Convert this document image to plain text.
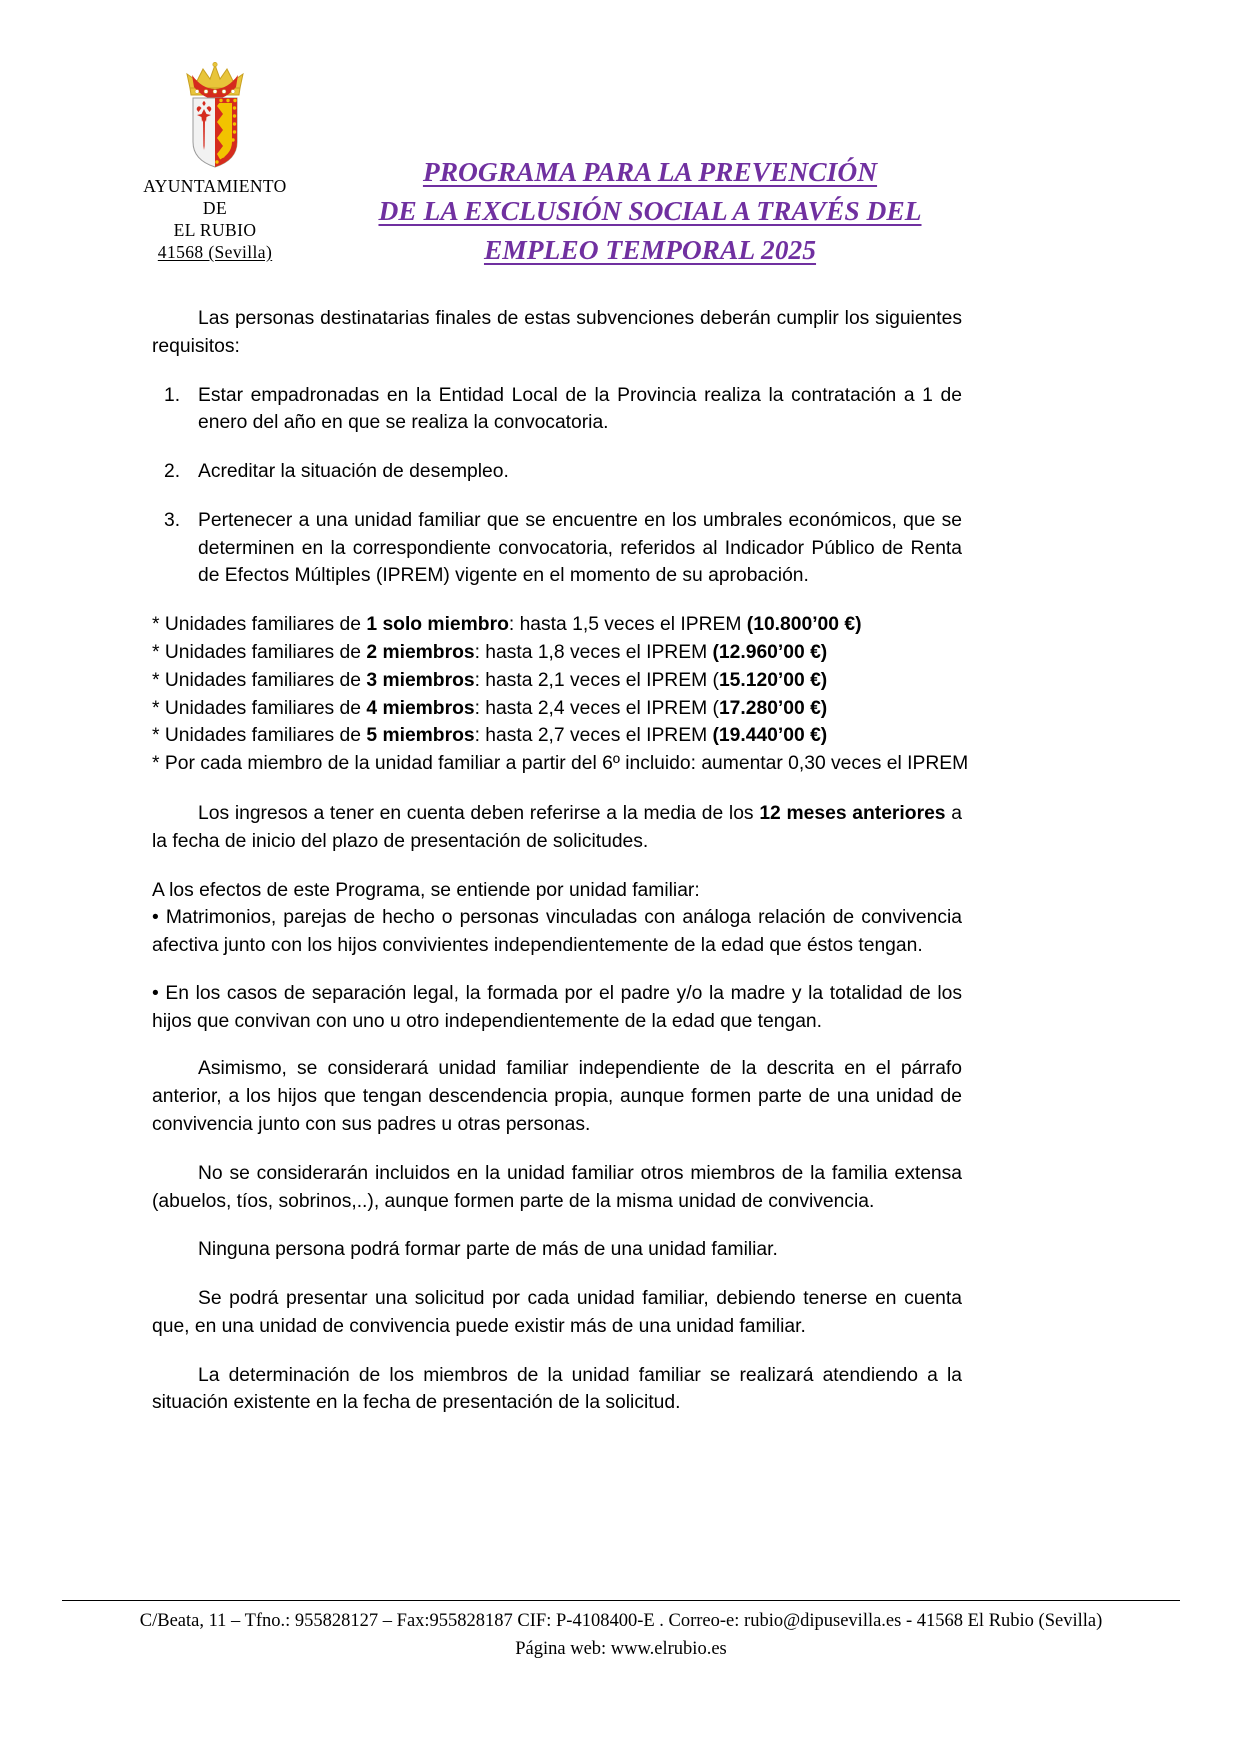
AYUNTAMIENTO
DE
EL RUBIO
41568 (Sevilla)
PROGRAMA PARA LA PREVENCIÓN
DE LA EXCLUSIÓN SOCIAL A TRAVÉS DEL
EMPLEO TEMPORAL 2025

Las personas destinatarias finales de estas subvenciones deberán cumplir los siguientes requisitos:

1. Estar empadronadas en la Entidad Local de la Provincia realiza la contratación a 1 de enero del año en que se realiza la convocatoria.
2. Acreditar la situación de desempleo.
3. Pertenecer a una unidad familiar que se encuentre en los umbrales económicos, que se determinen en la correspondiente convocatoria, referidos al Indicador Público de Renta de Efectos Múltiples (IPREM) vigente en el momento de su aprobación.

* Unidades familiares de 1 solo miembro: hasta 1,5 veces el IPREM (10.800’00 €)

* Unidades familiares de 2 miembros: hasta 1,8 veces el IPREM (12.960’00 €)

* Unidades familiares de 3 miembros: hasta 2,1 veces el IPREM (15.120’00 €)

* Unidades familiares de 4 miembros: hasta 2,4 veces el IPREM (17.280’00 €)

* Unidades familiares de 5 miembros: hasta 2,7 veces el IPREM (19.440’00 €)

* Por cada miembro de la unidad familiar a partir del 6º incluido: aumentar 0,30 veces el IPREM

Los ingresos a tener en cuenta deben referirse a la media de los 12 meses anteriores a la fecha de inicio del plazo de presentación de solicitudes.

A los efectos de este Programa, se entiende por unidad familiar:

• Matrimonios, parejas de hecho o personas vinculadas con análoga relación de convivencia afectiva junto con los hijos convivientes independientemente de la edad que éstos tengan.

• En los casos de separación legal, la formada por el padre y/o la madre y la totalidad de los hijos que convivan con uno u otro independientemente de la edad que tengan.

Asimismo, se considerará unidad familiar independiente de la descrita en el párrafo anterior, a los hijos que tengan descendencia propia, aunque formen parte de una unidad de convivencia junto con sus padres u otras personas.

No se considerarán incluidos en la unidad familiar otros miembros de la familia extensa (abuelos, tíos, sobrinos,..), aunque formen parte de la misma unidad de convivencia.

Ninguna persona podrá formar parte de más de una unidad familiar.

Se podrá presentar una solicitud por cada unidad familiar, debiendo tenerse en cuenta que, en una unidad de convivencia puede existir más de una unidad familiar.

La determinación de los miembros de la unidad familiar se realizará atendiendo a la situación existente en la fecha de presentación de la solicitud.

C/Beata, 11 – Tfno.: 955828127 – Fax:955828187 CIF: P-4108400-E . Correo-e: rubio@dipusevilla.es - 41568 El Rubio (Sevilla)
Página web: www.elrubio.es
